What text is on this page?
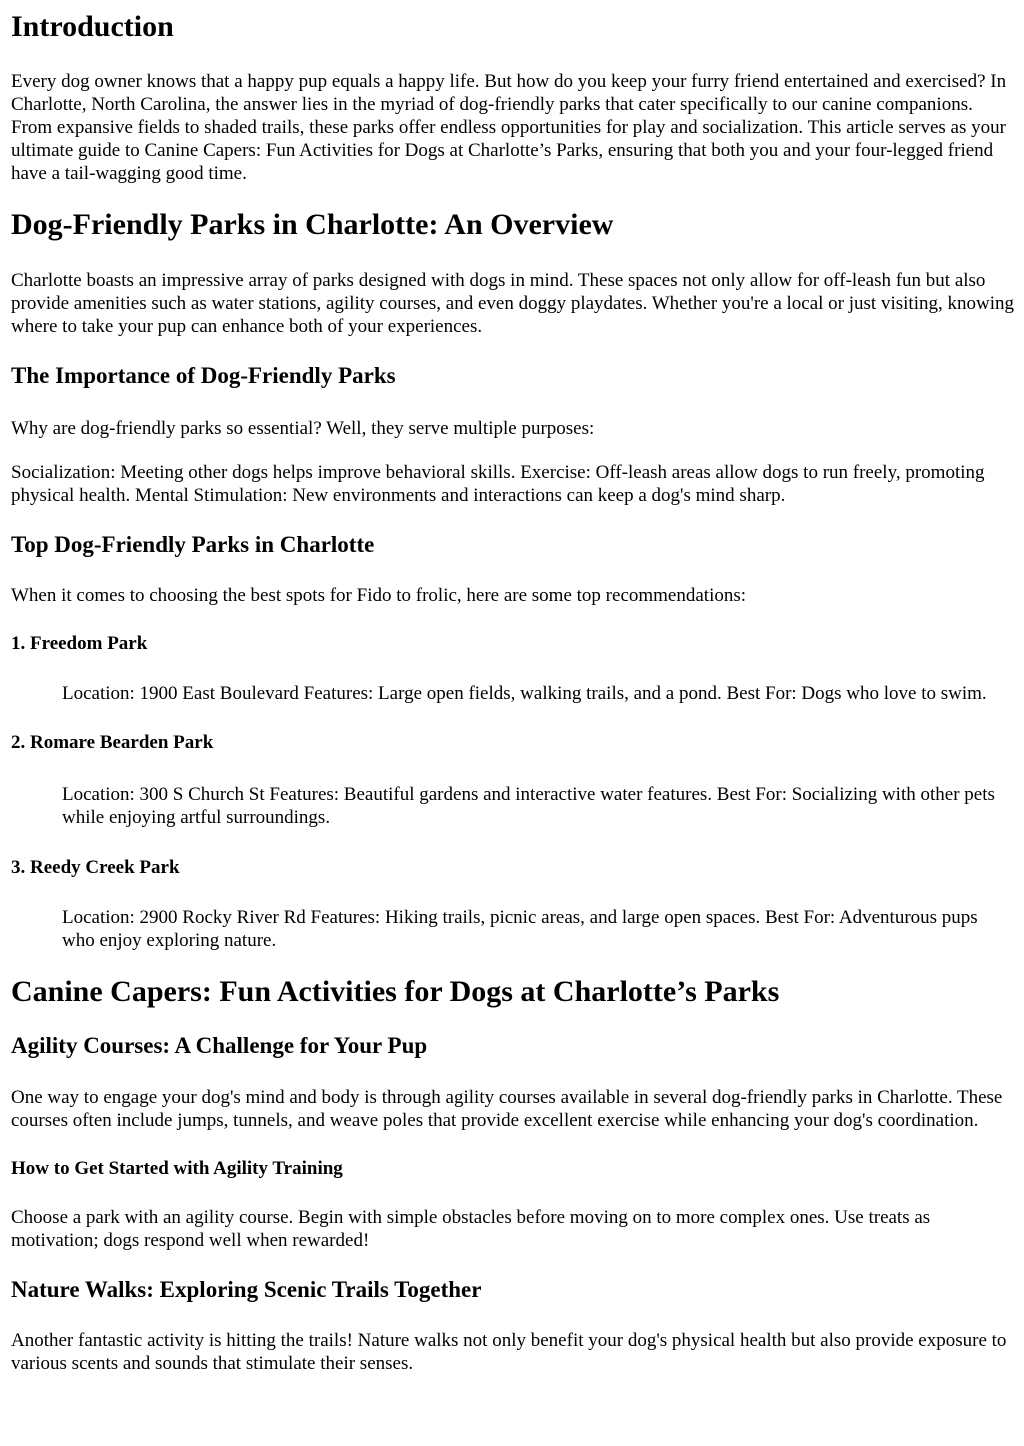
Introduction

Every dog owner knows that a happy pup equals a happy life. But how do you keep your furry friend entertained and exercised? In Charlotte, North Carolina, the answer lies in the myriad of dog-friendly parks that cater specifically to our canine companions. From expansive fields to shaded trails, these parks offer endless opportunities for play and socialization. This article serves as your ultimate guide to Canine Capers: Fun Activities for Dogs at Charlotte’s Parks, ensuring that both you and your four-legged friend have a tail-wagging good time.

Dog-Friendly Parks in Charlotte: An Overview

Charlotte boasts an impressive array of parks designed with dogs in mind. These spaces not only allow for off-leash fun but also provide amenities such as water stations, agility courses, and even doggy playdates. Whether you're a local or just visiting, knowing where to take your pup can enhance both of your experiences.

The Importance of Dog-Friendly Parks

Why are dog-friendly parks so essential? Well, they serve multiple purposes:

Socialization: Meeting other dogs helps improve behavioral skills. Exercise: Off-leash areas allow dogs to run freely, promoting physical health. Mental Stimulation: New environments and interactions can keep a dog's mind sharp.

Top Dog-Friendly Parks in Charlotte

When it comes to choosing the best spots for Fido to frolic, here are some top recommendations:

1. Freedom Park

Location: 1900 East Boulevard Features: Large open fields, walking trails, and a pond. Best For: Dogs who love to swim.

2. Romare Bearden Park

Location: 300 S Church St Features: Beautiful gardens and interactive water features. Best For: Socializing with other pets while enjoying artful surroundings.

3. Reedy Creek Park

Location: 2900 Rocky River Rd Features: Hiking trails, picnic areas, and large open spaces. Best For: Adventurous pups who enjoy exploring nature.

Canine Capers: Fun Activities for Dogs at Charlotte’s Parks
Agility Courses: A Challenge for Your Pup

One way to engage your dog's mind and body is through agility courses available in several dog-friendly parks in Charlotte. These courses often include jumps, tunnels, and weave poles that provide excellent exercise while enhancing your dog's coordination.

How to Get Started with Agility Training

Choose a park with an agility course. Begin with simple obstacles before moving on to more complex ones. Use treats as motivation; dogs respond well when rewarded!

Nature Walks: Exploring Scenic Trails Together

Another fantastic activity is hitting the trails! Nature walks not only benefit your dog's physical health but also provide exposure to various scents and sounds that stimulate their senses.
